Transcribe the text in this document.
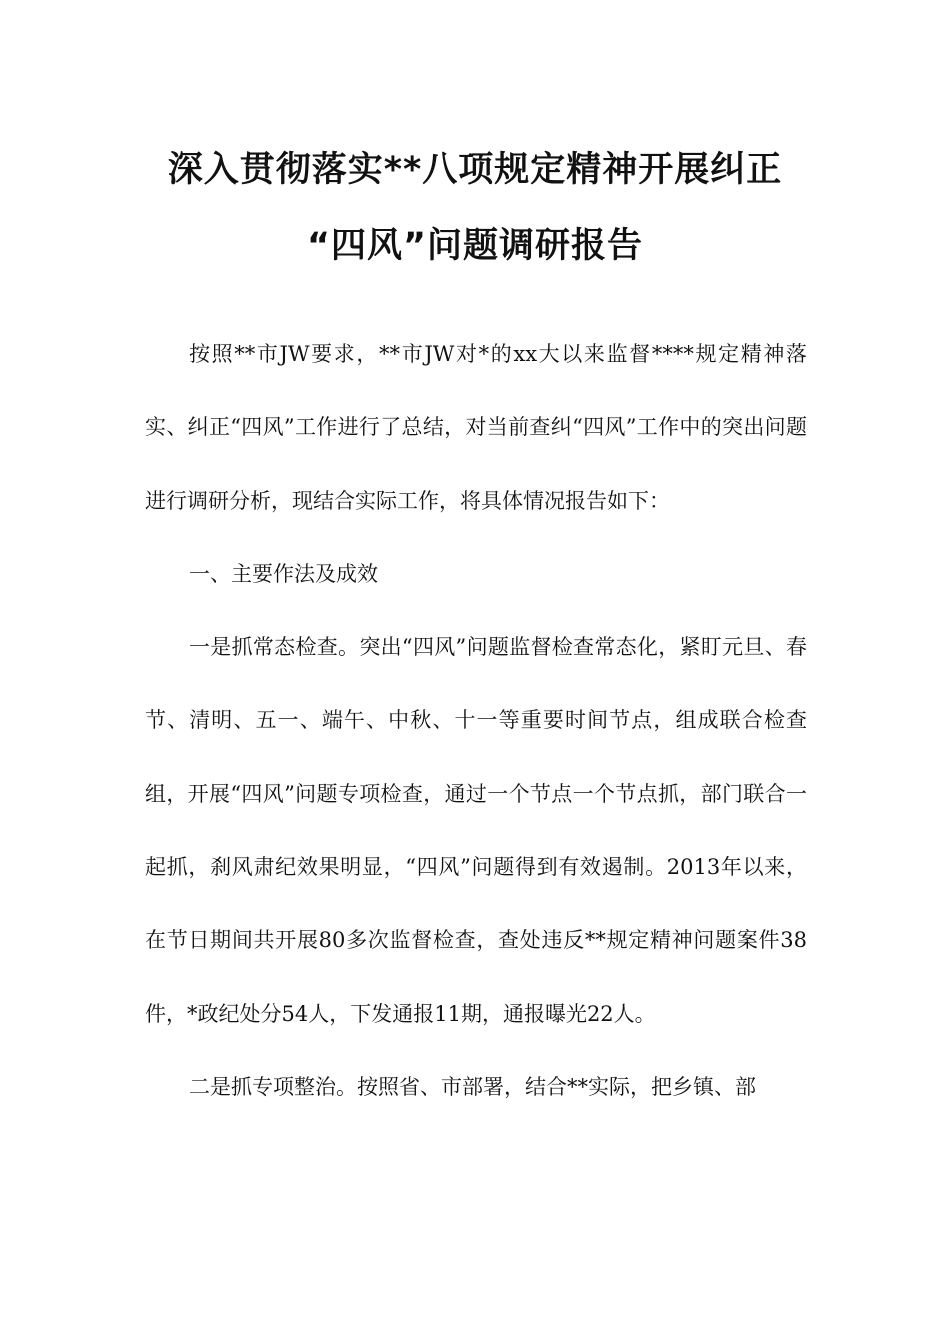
深入贯彻落实**八项规定精神开展纠正
“四风”问题调研报告

按照**市JW要求，**市JW对*的xx大以来监督****规定精神落实、纠正“四风”工作进行了总结，对当前查纠“四风”工作中的突出问题进行调研分析，现结合实际工作，将具体情况报告如下：

一、主要作法及成效

一是抓常态检查。突出“四风”问题监督检查常态化，紧盯元旦、春节、清明、五一、端午、中秋、十一等重要时间节点，组成联合检查组，开展“四风”问题专项检查，通过一个节点一个节点抓，部门联合一起抓，刹风肃纪效果明显，“四风”问题得到有效遏制。2013年以来，在节日期间共开展80多次监督检查，查处违反**规定精神问题案件38件，*政纪处分54人，下发通报11期，通报曝光22人。

二是抓专项整治。按照省、市部署，结合**实际，把乡镇、部
